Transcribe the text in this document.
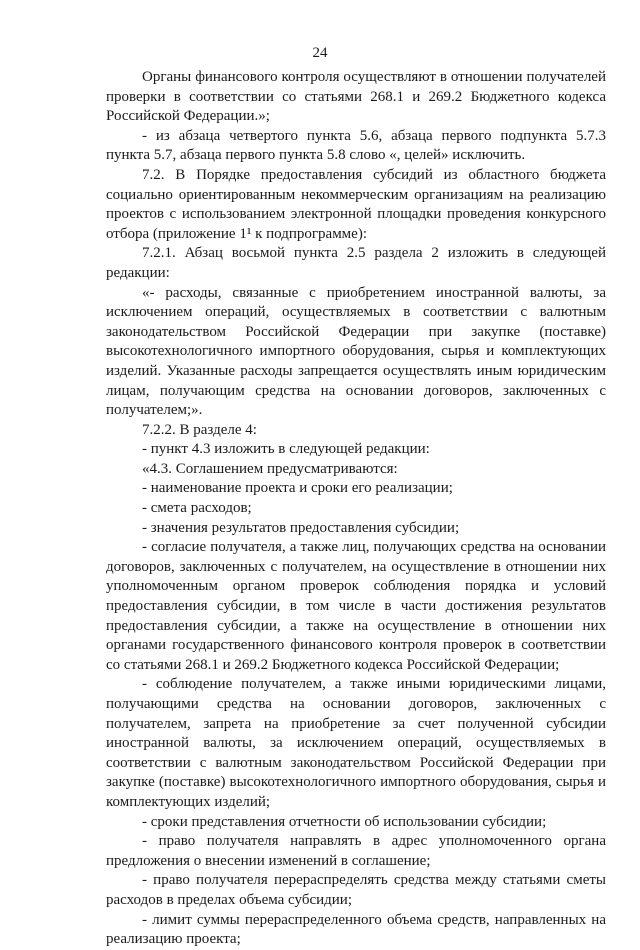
24

Органы финансового контроля осуществляют в отношении получателей проверки в соответствии со статьями 268.1 и 269.2 Бюджетного кодекса Российской Федерации.»;

- из абзаца четвертого пункта 5.6, абзаца первого подпункта 5.7.3 пункта 5.7, абзаца первого пункта 5.8 слово «, целей» исключить.

7.2. В Порядке предоставления субсидий из областного бюджета социально ориентированным некоммерческим организациям на реализацию проектов с использованием электронной площадки проведения конкурсного отбора (приложение 1¹ к подпрограмме):

7.2.1. Абзац восьмой пункта 2.5 раздела 2 изложить в следующей редакции:

«- расходы, связанные с приобретением иностранной валюты, за исключением операций, осуществляемых в соответствии с валютным законодательством Российской Федерации при закупке (поставке) высокотехнологичного импортного оборудования, сырья и комплектующих изделий. Указанные расходы запрещается осуществлять иным юридическим лицам, получающим средства на основании договоров, заключенных с получателем;».

7.2.2. В разделе 4:

- пункт 4.3 изложить в следующей редакции:

«4.3. Соглашением предусматриваются:

- наименование проекта и сроки его реализации;

- смета расходов;

- значения результатов предоставления субсидии;

- согласие получателя, а также лиц, получающих средства на основании договоров, заключенных с получателем, на осуществление в отношении них уполномоченным органом проверок соблюдения порядка и условий предоставления субсидии, в том числе в части достижения результатов предоставления субсидии, а также на осуществление в отношении них органами государственного финансового контроля проверок в соответствии со статьями 268.1 и 269.2 Бюджетного кодекса Российской Федерации;

- соблюдение получателем, а также иными юридическими лицами, получающими средства на основании договоров, заключенных с получателем, запрета на приобретение за счет полученной субсидии иностранной валюты, за исключением операций, осуществляемых в соответствии с валютным законодательством Российской Федерации при закупке (поставке) высокотехнологичного импортного оборудования, сырья и комплектующих изделий;

- сроки представления отчетности об использовании субсидии;

- право получателя направлять в адрес уполномоченного органа предложения о внесении изменений в соглашение;

- право получателя перераспределять средства между статьями сметы расходов в пределах объема субсидии;

- лимит суммы перераспределенного объема средств, направленных на реализацию проекта;
